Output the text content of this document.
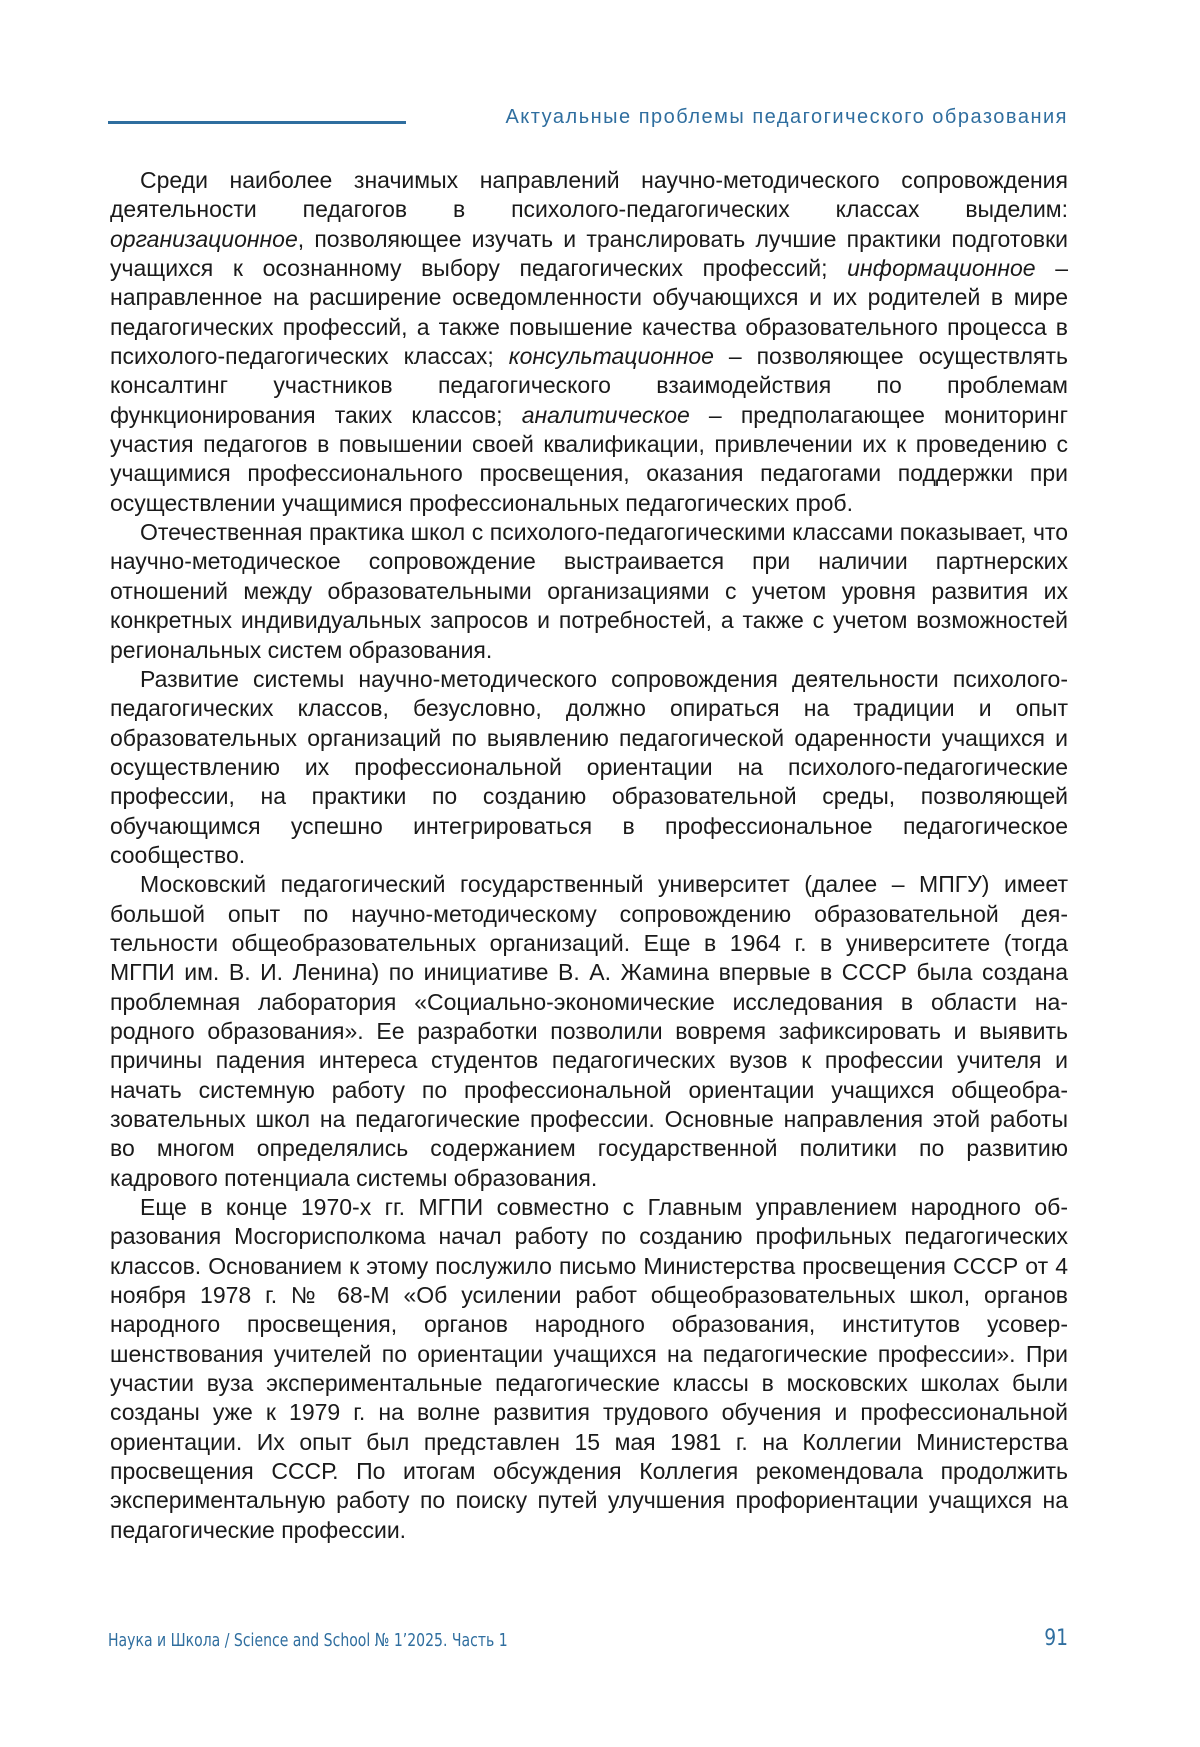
Актуальные проблемы педагогического образования

Среди наиболее значимых направлений научно-методического сопровождения деятельности педагогов в психолого-педагогических классах выделим: организационное, позволяющее изучать и транслировать лучшие практики подготовки учащихся к осознанному выбору педагогических профессий; информационное – направленное на расширение осведомленности обучающихся и их родителей в мире педагогических профессий, а также повышение качества образовательного процесса в психолого-педагогических классах; консультационное – позволяющее осуществлять консалтинг участников педагогического взаимодействия по проблемам функционирования таких классов; аналитическое – предполагающее мониторинг участия педагогов в повышении своей квалификации, привлечении их к проведению с учащимися профессионального просвещения, оказания педагогами поддержки при осуществлении учащимися профессиональных педагогических проб.

Отечественная практика школ с психолого-педагогическими классами показывает, что научно-методическое сопровождение выстраивается при наличии партнерских отношений между образовательными организациями с учетом уровня развития их конкретных индивидуальных запросов и потребностей, а также с учетом возможностей региональных систем образования.

Развитие системы научно-методического сопровождения деятельности психолого-педагогических классов, безусловно, должно опираться на традиции и опыт образовательных организаций по выявлению педагогической одаренности учащихся и осуществлению их профессиональной ориентации на психолого-педагогические профессии, на практики по созданию образовательной среды, позволяющей обучающимся успешно интегрироваться в профессиональное педагогическое сообщество.

Московский педагогический государственный университет (далее – МПГУ) имеет большой опыт по научно-методическому сопровождению образовательной деятельности общеобразовательных организаций. Еще в 1964 г. в университете (тогда МГПИ им. В. И. Ленина) по инициативе В. А. Жамина впервые в СССР была создана проблемная лаборатория «Социально-экономические исследования в области народного образования». Ее разработки позволили вовремя зафиксировать и выявить причины падения интереса студентов педагогических вузов к профессии учителя и начать системную работу по профессиональной ориентации учащихся общеобразовательных школ на педагогические профессии. Основные направления этой работы во многом определялись содержанием государственной политики по развитию кадрового потенциала системы образования.

Еще в конце 1970-х гг. МГПИ совместно с Главным управлением народного образования Мосгорисполкома начал работу по созданию профильных педагогических классов. Основанием к этому послужило письмо Министерства просвещения СССР от 4 ноября 1978 г. № 68-М «Об усилении работ общеобразовательных школ, органов народного просвещения, органов народного образования, институтов усовершенствования учителей по ориентации учащихся на педагогические профессии». При участии вуза экспериментальные педагогические классы в московских школах были созданы уже к 1979 г. на волне развития трудового обучения и профессиональной ориентации. Их опыт был представлен 15 мая 1981 г. на Коллегии Министерства просвещения СССР. По итогам обсуждения Коллегия рекомендовала продолжить экспериментальную работу по поиску путей улучшения профориентации учащихся на педагогические профессии.

Наука и Школа / Science and School № 1’2025. Часть 1	91
